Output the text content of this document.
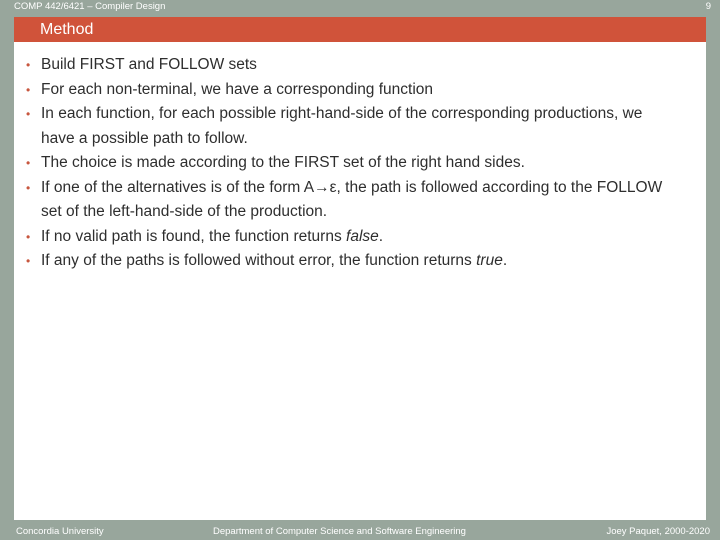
COMP 442/6421 – Compiler Design	9
Method
• Build FIRST and FOLLOW sets
• For each non-terminal, we have a corresponding function
• In each function, for each possible right-hand-side of the corresponding productions, we have a possible path to follow.
• The choice is made according to the FIRST set of the right hand sides.
• If one of the alternatives is of the form A→ε, the path is followed according to the FOLLOW set of the left-hand-side of the production.
• If no valid path is found, the function returns false.
• If any of the paths is followed without error, the function returns true.
Concordia University	Department of Computer Science and Software Engineering	Joey Paquet, 2000-2020
